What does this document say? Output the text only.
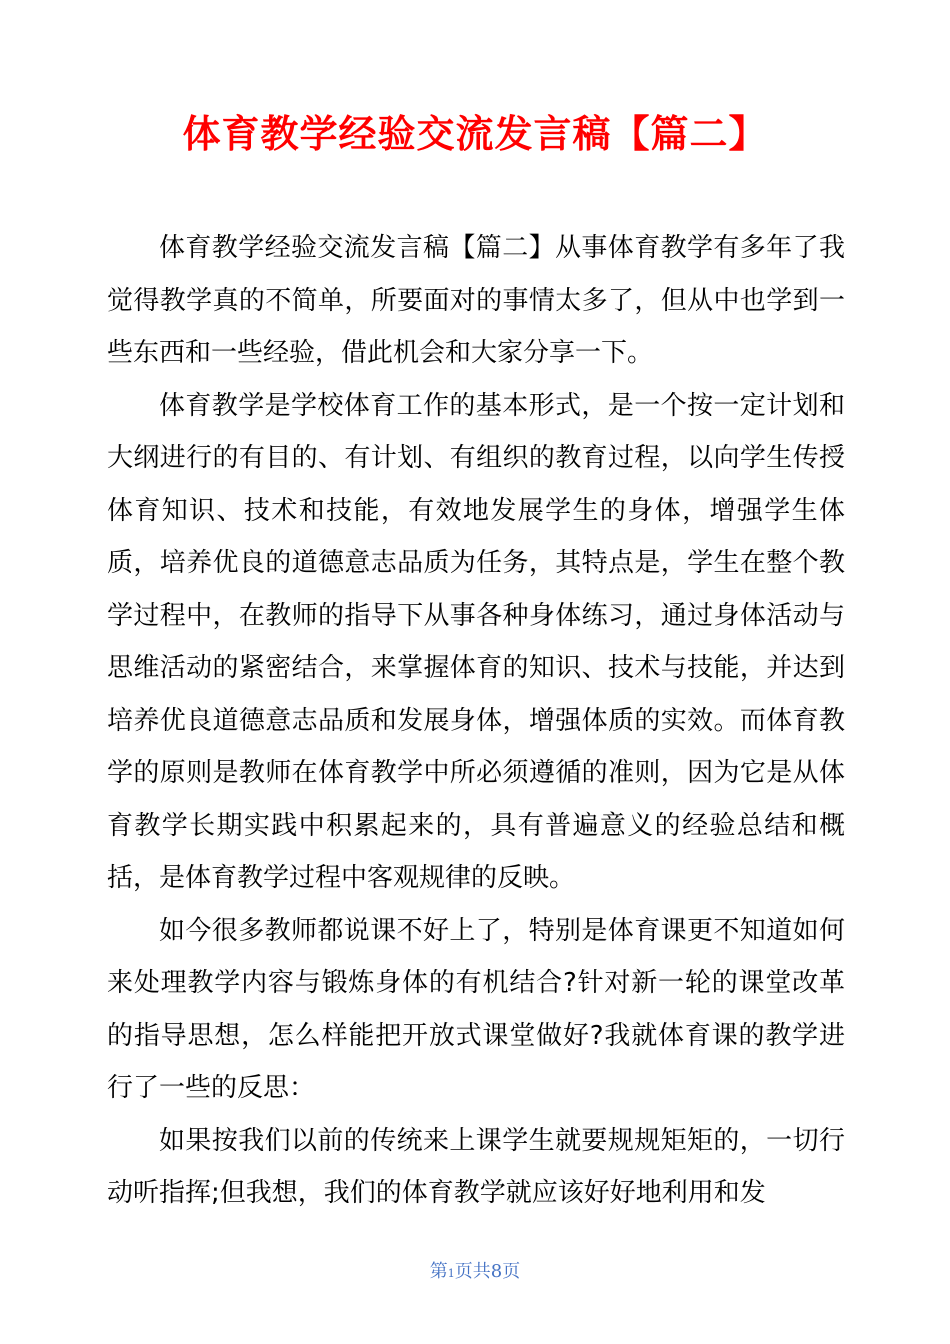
体育教学经验交流发言稿【篇二】

体育教学经验交流发言稿【篇二】从事体育教学有多年了我觉得教学真的不简单，所要面对的事情太多了，但从中也学到一些东西和一些经验，借此机会和大家分享一下。

体育教学是学校体育工作的基本形式，是一个按一定计划和大纲进行的有目的、有计划、有组织的教育过程，以向学生传授体育知识、技术和技能，有效地发展学生的身体，增强学生体质，培养优良的道德意志品质为任务，其特点是，学生在整个教学过程中，在教师的指导下从事各种身体练习，通过身体活动与思维活动的紧密结合，来掌握体育的知识、技术与技能，并达到培养优良道德意志品质和发展身体，增强体质的实效。而体育教学的原则是教师在体育教学中所必须遵循的准则，因为它是从体育教学长期实践中积累起来的，具有普遍意义的经验总结和概括，是体育教学过程中客观规律的反映。

如今很多教师都说课不好上了，特别是体育课更不知道如何来处理教学内容与锻炼身体的有机结合?针对新一轮的课堂改革的指导思想，怎么样能把开放式课堂做好?我就体育课的教学进行了一些的反思：

如果按我们以前的传统来上课学生就要规规矩矩的，一切行动听指挥;但我想，我们的体育教学就应该好好地利用和发

第1页共8页
